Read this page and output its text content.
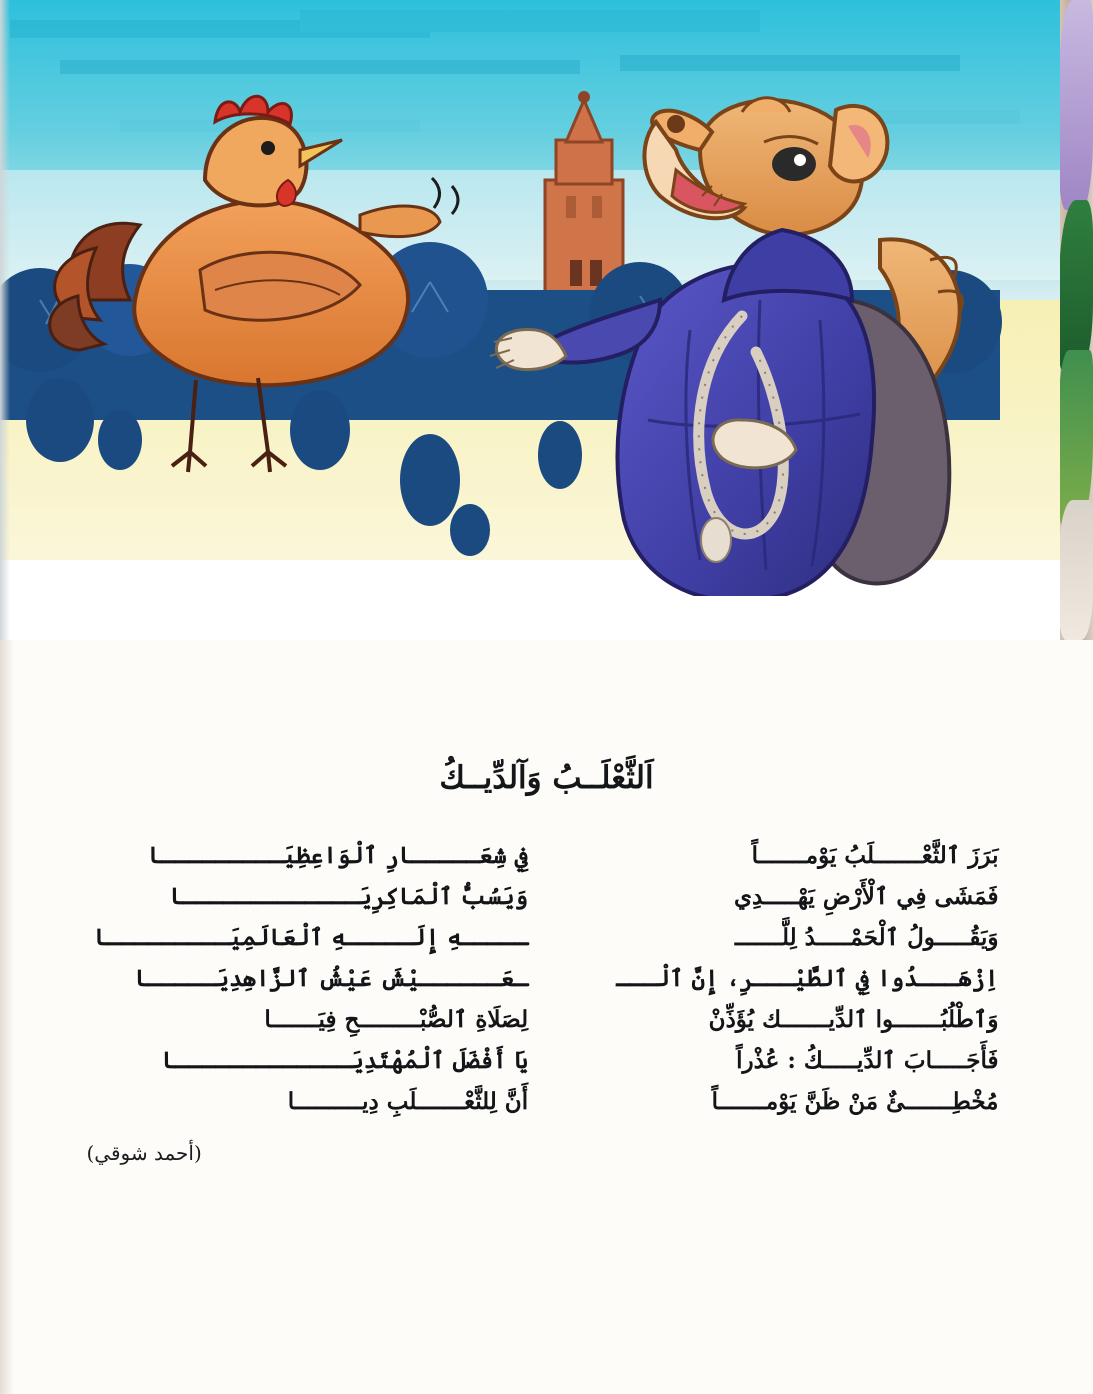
اَلثَّعْلَــبُ وَآلدِّيــكُ
بَرَزَ ٱلثَّعْـــــــلَبُ يَوْمـــــــاً
فِي شِعَـــــارِ ٱلْوَاعِظِيَـــــــــا
فَمَشَى فِي ٱلْأَرْضِ يَهْـــــدِي
وَيَسُبُّ ٱلْمَاكِرِيَـــــــــــــا
وَيَقُـــــولُ ٱلْحَمْـــــدُ لِلَّـــــــ
ـــــهِ إِلَـــــهِ ٱلْعَالَمِيَـــــــــا
اِزْهَـــدُوا فِي ٱلطَّيْـــرِ، إِنَّ ٱلْـــ
ـعَــــــيْشَ عَيْشُ ٱلزَّاهِدِيَـــــا
وَٱطْلُبُـــــــوا ٱلدِّيـــــــك يُؤَذِّنْ
لِصَلَاةِ ٱلصُّبْـــــــــحِ فِيَـــــــا
فَأَجَـــــابَ ٱلدِّيـــــكُ : عُذْراً
يَا أَفْضَلَ ٱلْمُهْتَدِيَـــــــــــــا
مُخْطِـــــــئٌ مَنْ ظَنَّ يَوْمـــــــاً
أَنَّ لِلثَّعْـــــــلَبِ دِيــــــــــا
(أحمد شوقي)
